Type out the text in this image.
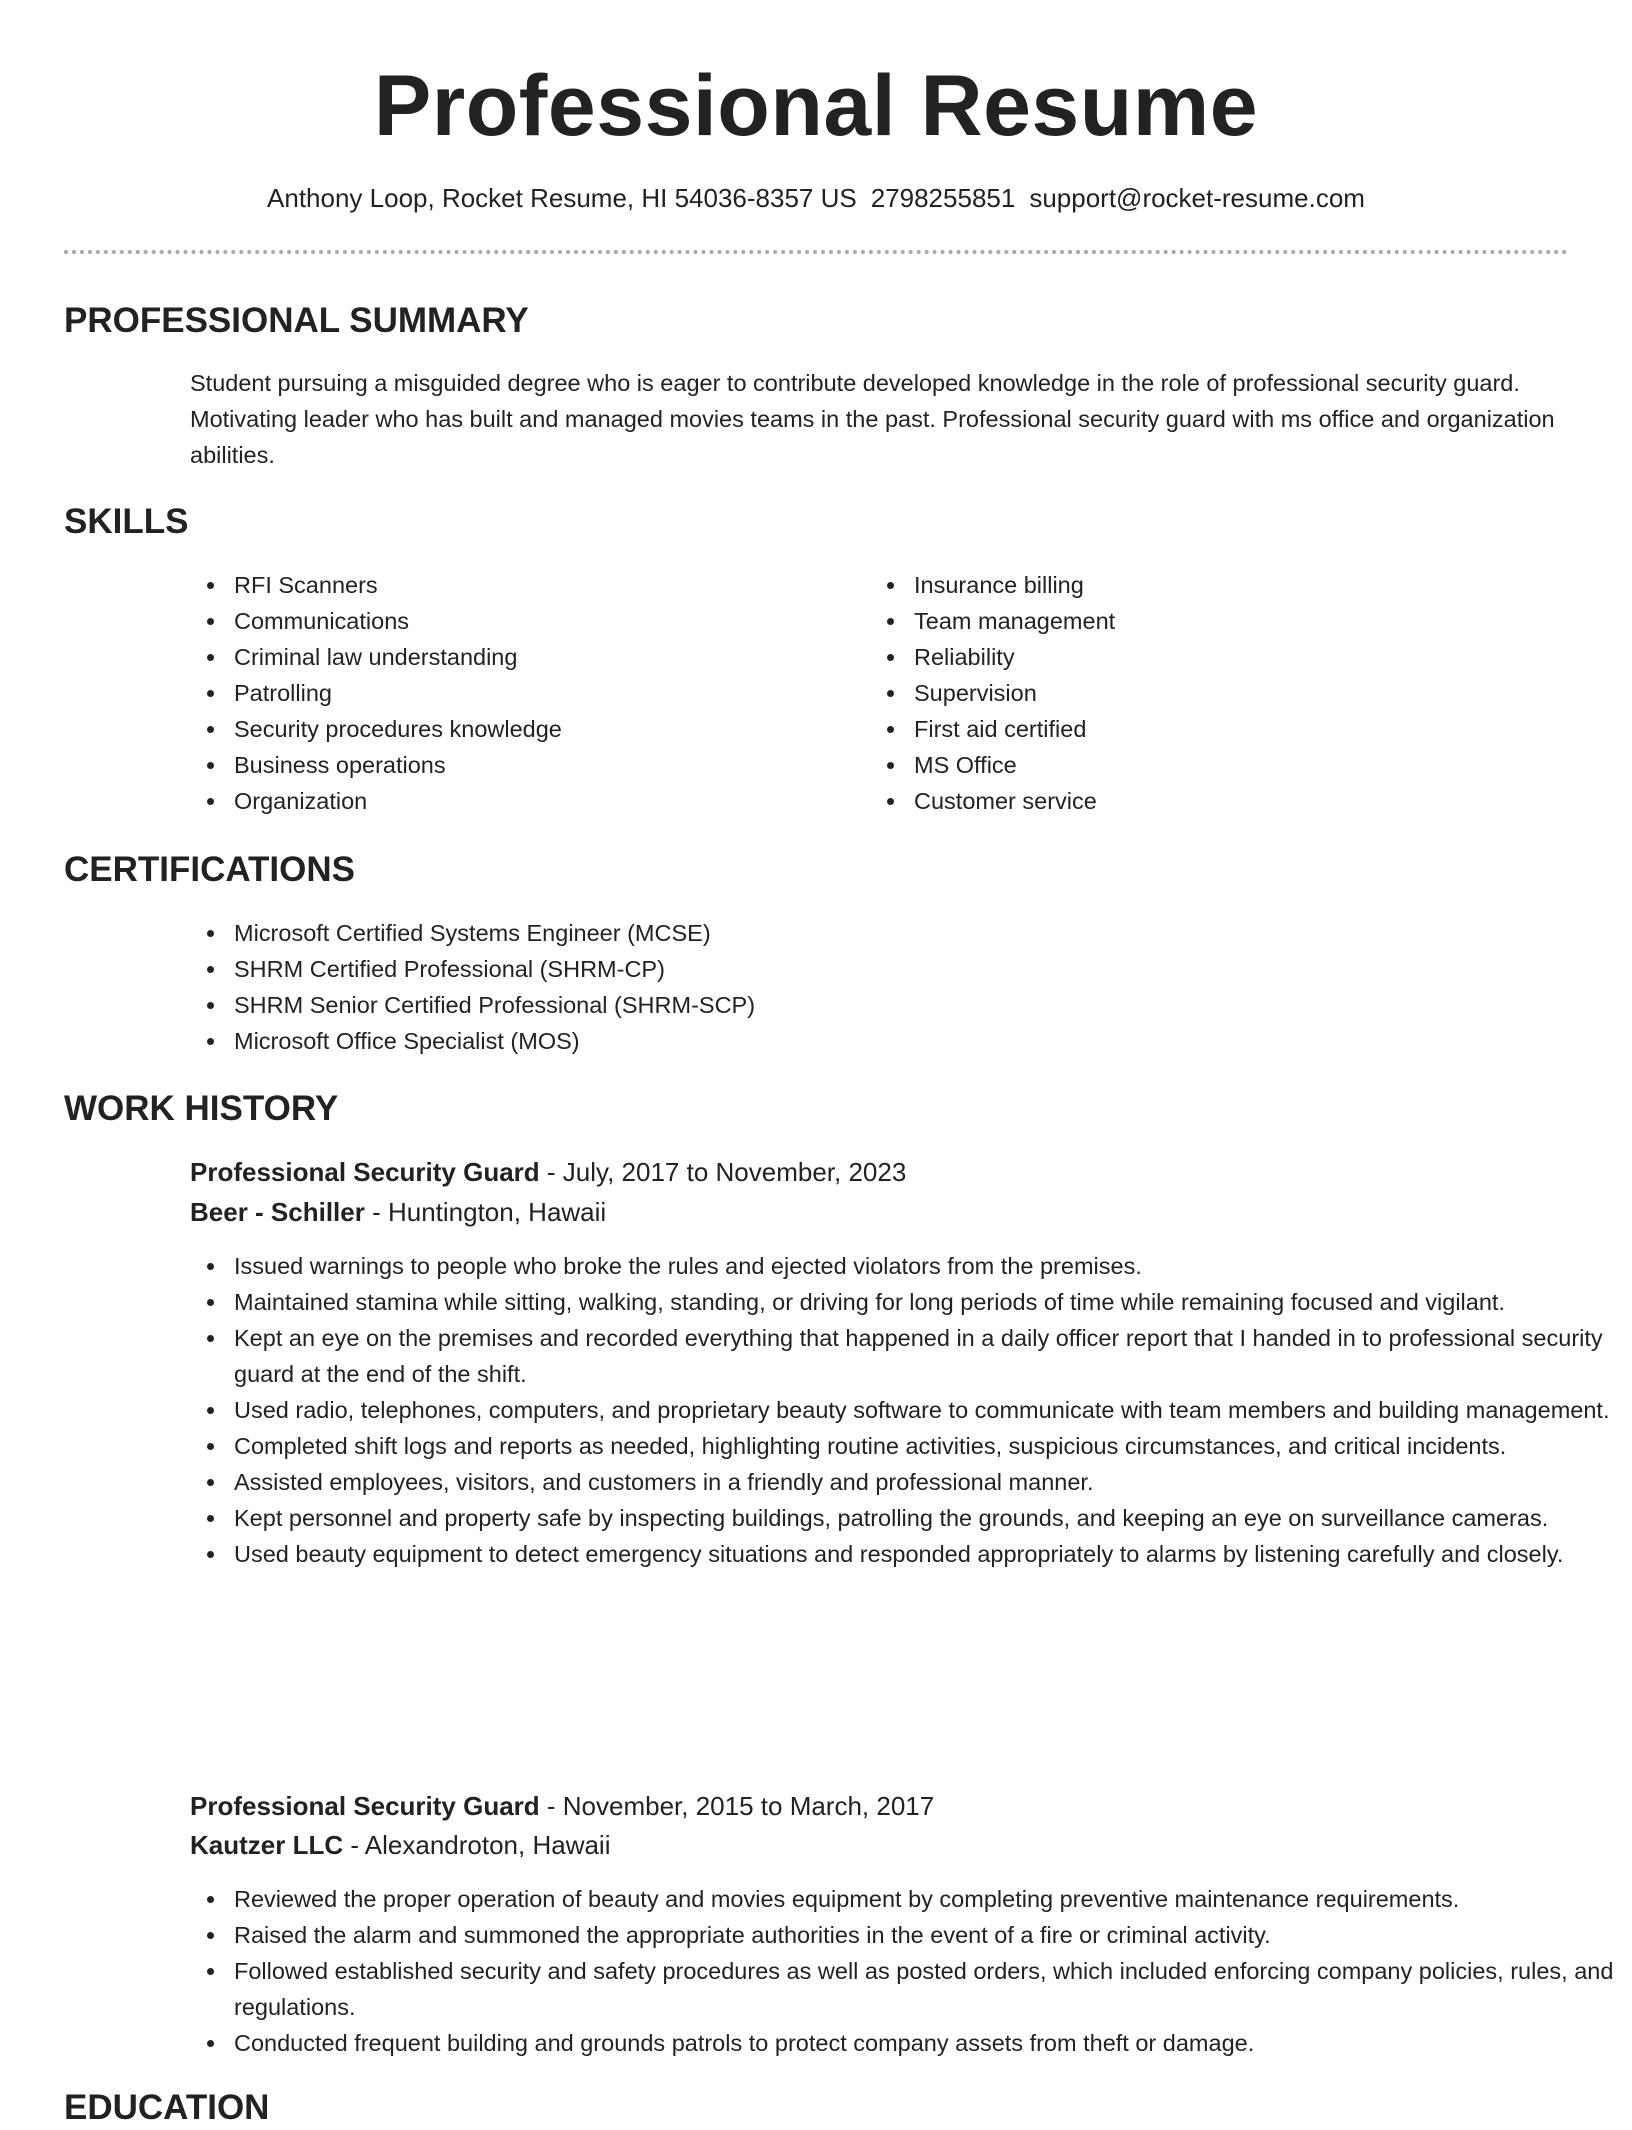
Professional Resume
Anthony Loop, Rocket Resume, HI 54036-8357 US 2798255851 support@rocket-resume.com
PROFESSIONAL SUMMARY

Student pursuing a misguided degree who is eager to contribute developed knowledge in the role of professional security guard. Motivating leader who has built and managed movies teams in the past. Professional security guard with ms office and organization abilities.

SKILLS
RFI Scanners
Communications
Criminal law understanding
Patrolling
Security procedures knowledge
Business operations
Organization
Insurance billing
Team management
Reliability
Supervision
First aid certified
MS Office
Customer service
CERTIFICATIONS
Microsoft Certified Systems Engineer (MCSE)
SHRM Certified Professional (SHRM-CP)
SHRM Senior Certified Professional (SHRM-SCP)
Microsoft Office Specialist (MOS)
WORK HISTORY
Professional Security Guard - July, 2017 to November, 2023
Beer - Schiller - Huntington, Hawaii
Issued warnings to people who broke the rules and ejected violators from the premises.
Maintained stamina while sitting, walking, standing, or driving for long periods of time while remaining focused and vigilant.
Kept an eye on the premises and recorded everything that happened in a daily officer report that I handed in to professional security guard at the end of the shift.
Used radio, telephones, computers, and proprietary beauty software to communicate with team members and building management.
Completed shift logs and reports as needed, highlighting routine activities, suspicious circumstances, and critical incidents.
Assisted employees, visitors, and customers in a friendly and professional manner.
Kept personnel and property safe by inspecting buildings, patrolling the grounds, and keeping an eye on surveillance cameras.
Used beauty equipment to detect emergency situations and responded appropriately to alarms by listening carefully and closely.
Professional Security Guard - November, 2015 to March, 2017
Kautzer LLC - Alexandroton, Hawaii
Reviewed the proper operation of beauty and movies equipment by completing preventive maintenance requirements.
Raised the alarm and summoned the appropriate authorities in the event of a fire or criminal activity.
Followed established security and safety procedures as well as posted orders, which included enforcing company policies, rules, and regulations.
Conducted frequent building and grounds patrols to protect company assets from theft or damage.
EDUCATION
